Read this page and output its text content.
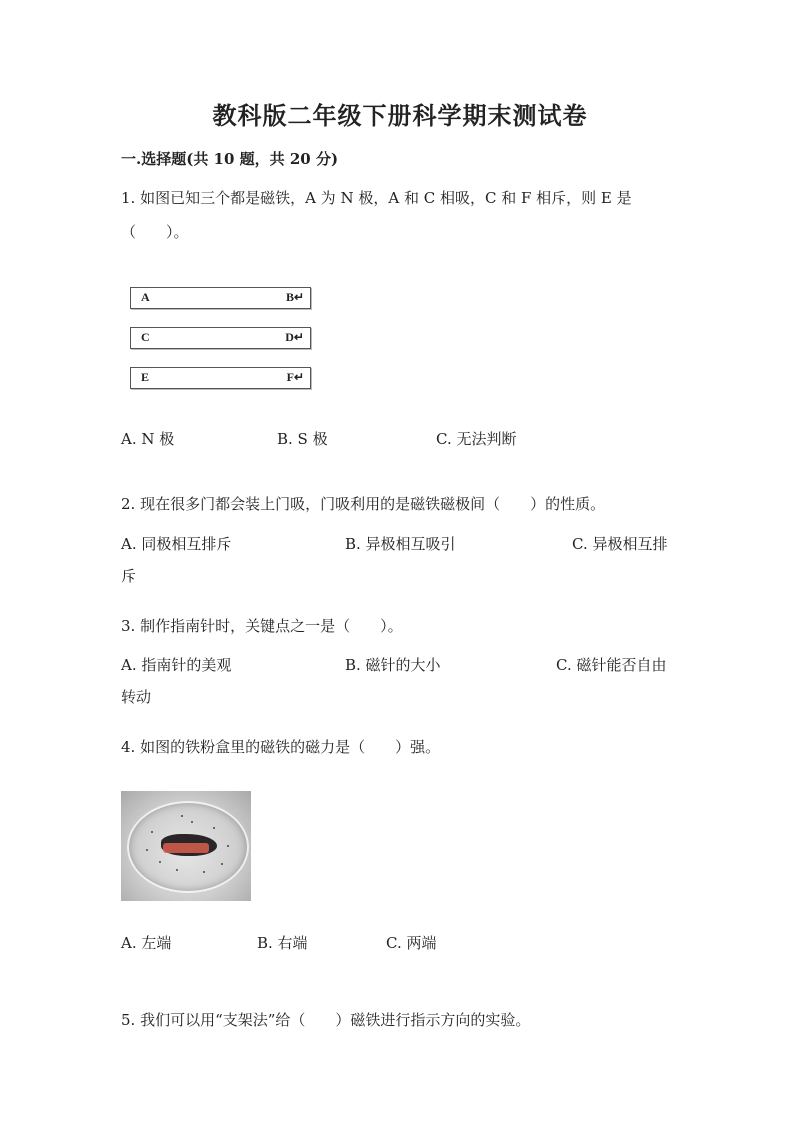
教科版二年级下册科学期末测试卷
一.选择题(共 10 题，共 20 分)
1. 如图已知三个都是磁铁，A 为 N 极，A 和 C 相吸，C 和 F 相斥，则 E 是
（　　）。
A	B↵
C	D↵
E	F↵
A. N 极	B. S 极	C. 无法判断
2. 现在很多门都会装上门吸，门吸利用的是磁铁磁极间（　　）的性质。
A. 同极相互排斥	B. 异极相互吸引	C. 异极相互排
斥
3. 制作指南针时，关键点之一是（　　）。
A. 指南针的美观	B. 磁针的大小	C. 磁针能否自由
转动
4. 如图的铁粉盒里的磁铁的磁力是（　　）强。
A. 左端	B. 右端	C. 两端
5. 我们可以用“支架法”给（　　）磁铁进行指示方向的实验。
